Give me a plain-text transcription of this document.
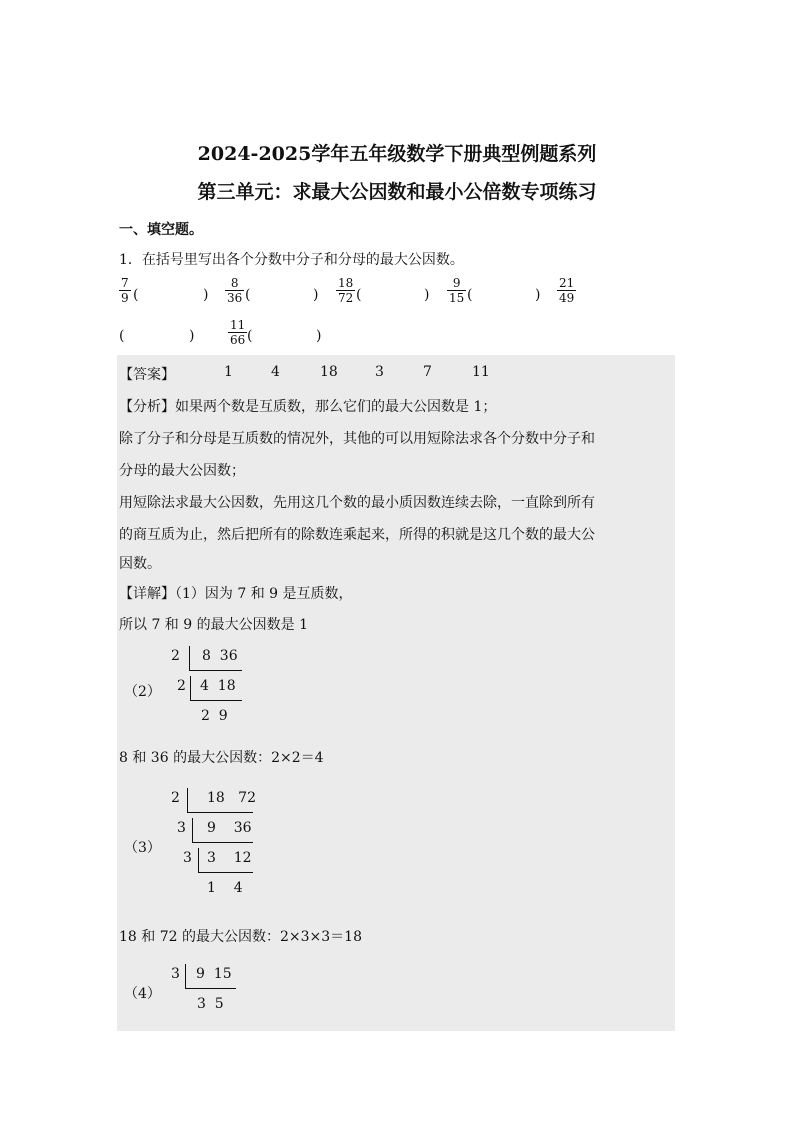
2024-2025学年五年级数学下册典型例题系列
第三单元：求最大公因数和最小公倍数专项练习
一、填空题。
1．在括号里写出各个分数中分子和分母的最大公因数。
$\frac{7}{9}$ (	) $\frac{8}{36}$ (	) $\frac{18}{72}$ (	) $\frac{9}{15}$ (	) $\frac{21}{49}$
(	)	$\frac{11}{66}$ (	)
【答案】	1	4	18	3	7	11
【分析】如果两个数是互质数，那么它们的最大公因数是 1；
除了分子和分母是互质数的情况外，其他的可以用短除法求各个分数中分子和
分母的最大公因数；
用短除法求最大公因数，先用这几个数的最小质因数连续去除，一直除到所有
的商互质为止，然后把所有的除数连乘起来，所得的积就是这几个数的最大公
因数。
【详解】（1）因为 7 和 9 是互质数，
所以 7 和 9 的最大公因数是 1
（2）
2 8  36
2 4  18
2  9
8 和 36 的最大公因数：2×2＝4
（3）
2 18   72
3 9    36
3 3    12
1    4
18 和 72 的最大公因数：2×3×3＝18
（4）
3 9  15
3  5
